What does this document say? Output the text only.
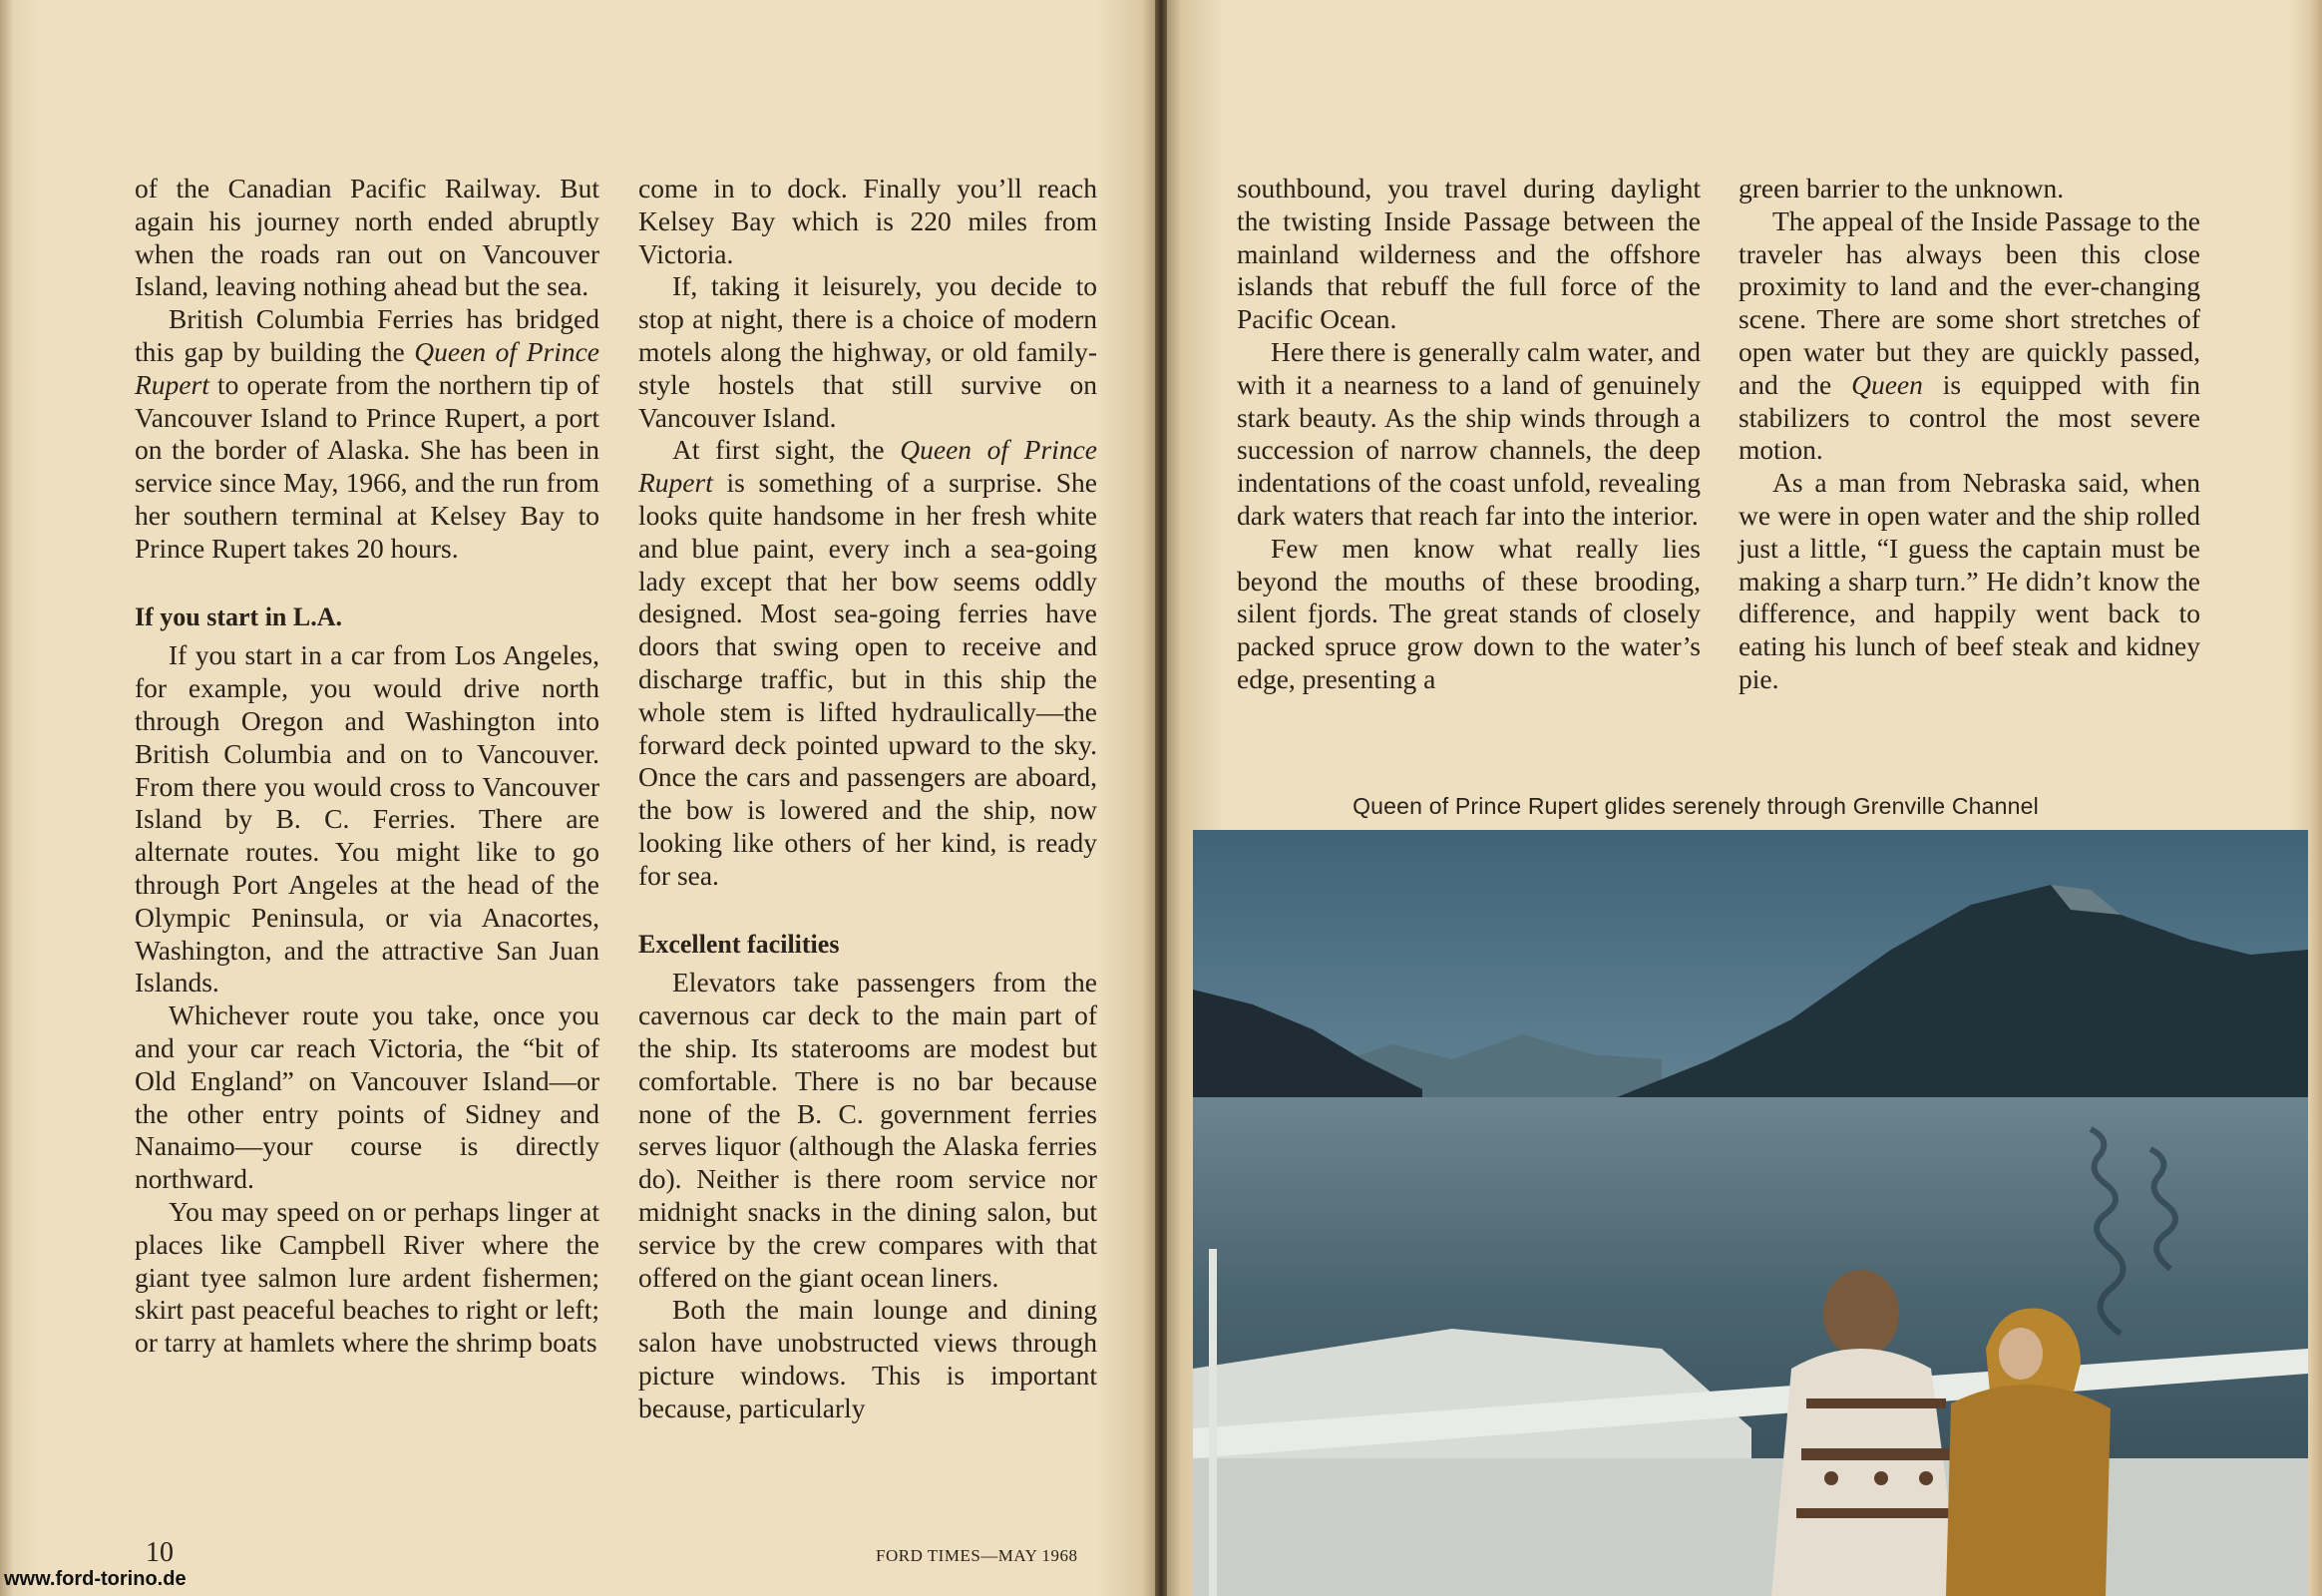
of the Canadian Pacific Railway. But again his journey north ended abruptly when the roads ran out on Vancouver Island, leaving nothing ahead but the sea.

British Columbia Ferries has bridged this gap by building the Queen of Prince Rupert to operate from the northern tip of Vancouver Island to Prince Rupert, a port on the border of Alaska. She has been in service since May, 1966, and the run from her southern terminal at Kelsey Bay to Prince Rupert takes 20 hours.

If you start in L.A.

If you start in a car from Los Angeles, for example, you would drive north through Oregon and Washington into British Columbia and on to Vancouver. From there you would cross to Vancouver Island by B. C. Ferries. There are alternate routes. You might like to go through Port Angeles at the head of the Olympic Peninsula, or via Anacortes, Washington, and the attractive San Juan Islands.

Whichever route you take, once you and your car reach Victoria, the “bit of Old England” on Vancouver Island—or the other entry points of Sidney and Nanaimo—your course is directly northward.

You may speed on or perhaps linger at places like Campbell River where the giant tyee salmon lure ardent fishermen; skirt past peaceful beaches to right or left; or tarry at hamlets where the shrimp boats

come in to dock. Finally you’ll reach Kelsey Bay which is 220 miles from Victoria.

If, taking it leisurely, you decide to stop at night, there is a choice of modern motels along the highway, or old family-style hostels that still survive on Vancouver Island.

At first sight, the Queen of Prince Rupert is something of a surprise. She looks quite handsome in her fresh white and blue paint, every inch a sea-going lady except that her bow seems oddly designed. Most sea-going ferries have doors that swing open to receive and discharge traffic, but in this ship the whole stem is lifted hydraulically—the forward deck pointed upward to the sky. Once the cars and passengers are aboard, the bow is lowered and the ship, now looking like others of her kind, is ready for sea.

Excellent facilities

Elevators take passengers from the cavernous car deck to the main part of the ship. Its staterooms are modest but comfortable. There is no bar because none of the B. C. government ferries serves liquor (although the Alaska ferries do). Neither is there room service nor midnight snacks in the dining salon, but service by the crew compares with that offered on the giant ocean liners.

Both the main lounge and dining salon have unobstructed views through picture windows. This is important because, particularly

southbound, you travel during daylight the twisting Inside Passage between the mainland wilderness and the offshore islands that rebuff the full force of the Pacific Ocean.

Here there is generally calm water, and with it a nearness to a land of genuinely stark beauty. As the ship winds through a succession of narrow channels, the deep indentations of the coast unfold, revealing dark waters that reach far into the interior.

Few men know what really lies beyond the mouths of these brooding, silent fjords. The great stands of closely packed spruce grow down to the water’s edge, presenting a

green barrier to the unknown.

The appeal of the Inside Passage to the traveler has always been this close proximity to land and the ever-changing scene. There are some short stretches of open water but they are quickly passed, and the Queen is equipped with fin stabilizers to control the most severe motion.

As a man from Nebraska said, when we were in open water and the ship rolled just a little, “I guess the captain must be making a sharp turn.” He didn’t know the difference, and happily went back to eating his lunch of beef steak and kidney pie.

Queen of Prince Rupert glides serenely through Grenville Channel
10	FORD TIMES—MAY 1968
www.ford-torino.de
